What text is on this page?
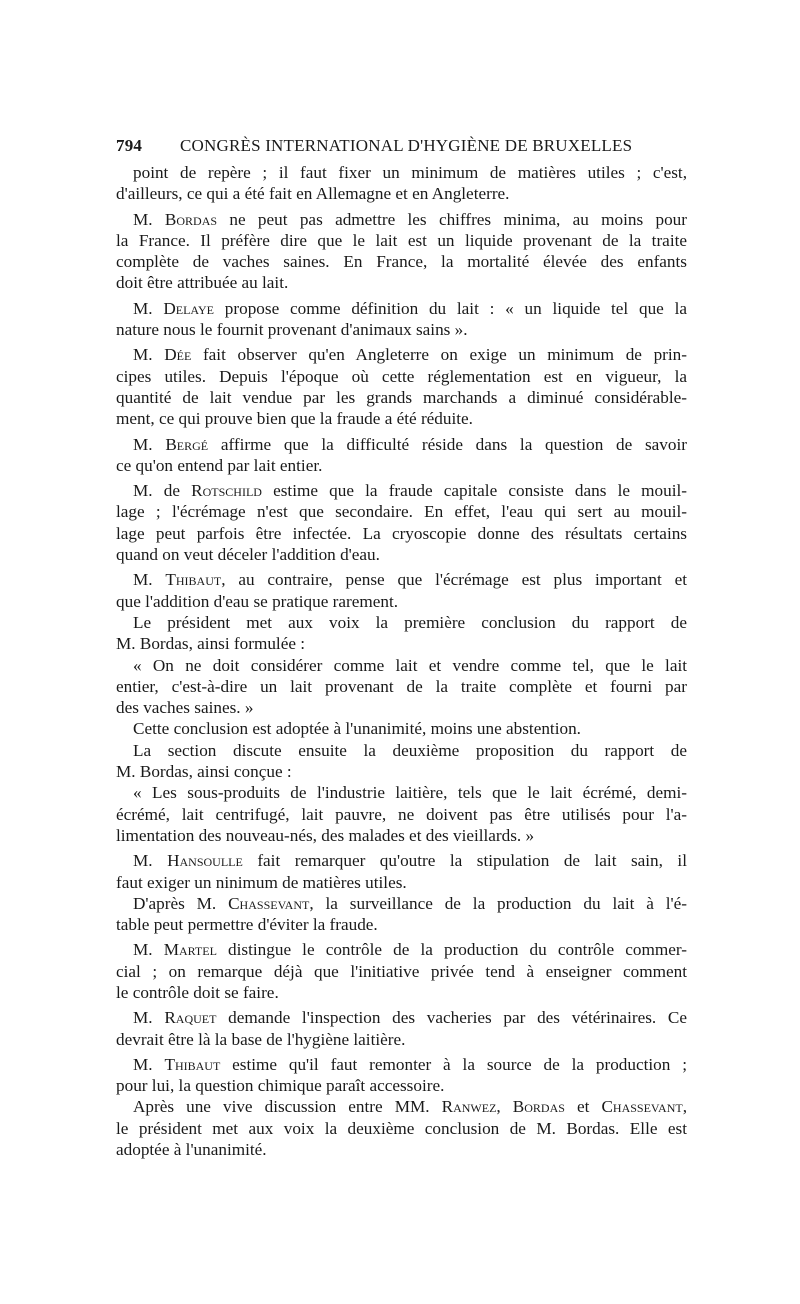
794	CONGRÈS INTERNATIONAL D'HYGIÈNE DE BRUXELLES
point de repère ; il faut fixer un minimum de matières utiles ; c'est,
d'ailleurs, ce qui a été fait en Allemagne et en Angleterre.
M. Bordas ne peut pas admettre les chiffres minima, au moins pour
la France. Il préfère dire que le lait est un liquide provenant de la traite
complète de vaches saines. En France, la mortalité élevée des enfants
doit être attribuée au lait.
M. Delaye propose comme définition du lait : « un liquide tel que la
nature nous le fournit provenant d'animaux sains ».
M. Dée fait observer qu'en Angleterre on exige un minimum de prin-
cipes utiles. Depuis l'époque où cette réglementation est en vigueur, la
quantité de lait vendue par les grands marchands a diminué considérable-
ment, ce qui prouve bien que la fraude a été réduite.
M. Bergé affirme que la difficulté réside dans la question de savoir
ce qu'on entend par lait entier.
M. de Rotschild estime que la fraude capitale consiste dans le mouil-
lage ; l'écrémage n'est que secondaire. En effet, l'eau qui sert au mouil-
lage peut parfois être infectée. La cryoscopie donne des résultats certains
quand on veut déceler l'addition d'eau.
M. Thibaut, au contraire, pense que l'écrémage est plus important et
que l'addition d'eau se pratique rarement.
Le président met aux voix la première conclusion du rapport de
M. Bordas, ainsi formulée :
« On ne doit considérer comme lait et vendre comme tel, que le lait
entier, c'est-à-dire un lait provenant de la traite complète et fourni par
des vaches saines. »
Cette conclusion est adoptée à l'unanimité, moins une abstention.
La section discute ensuite la deuxième proposition du rapport de
M. Bordas, ainsi conçue :
« Les sous-produits de l'industrie laitière, tels que le lait écrémé, demi-
écrémé, lait centrifugé, lait pauvre, ne doivent pas être utilisés pour l'a-
limentation des nouveau-nés, des malades et des vieillards. »
M. Hansoulle fait remarquer qu'outre la stipulation de lait sain, il
faut exiger un ninimum de matières utiles.
D'après M. Chassevant, la surveillance de la production du lait à l'é-
table peut permettre d'éviter la fraude.
M. Martel distingue le contrôle de la production du contrôle commer-
cial ; on remarque déjà que l'initiative privée tend à enseigner comment
le contrôle doit se faire.
M. Raquet demande l'inspection des vacheries par des vétérinaires. Ce
devrait être là la base de l'hygiène laitière.
M. Thibaut estime qu'il faut remonter à la source de la production ;
pour lui, la question chimique paraît accessoire.
Après une vive discussion entre MM. Ranwez, Bordas et Chassevant,
le président met aux voix la deuxième conclusion de M. Bordas. Elle est
adoptée à l'unanimité.
